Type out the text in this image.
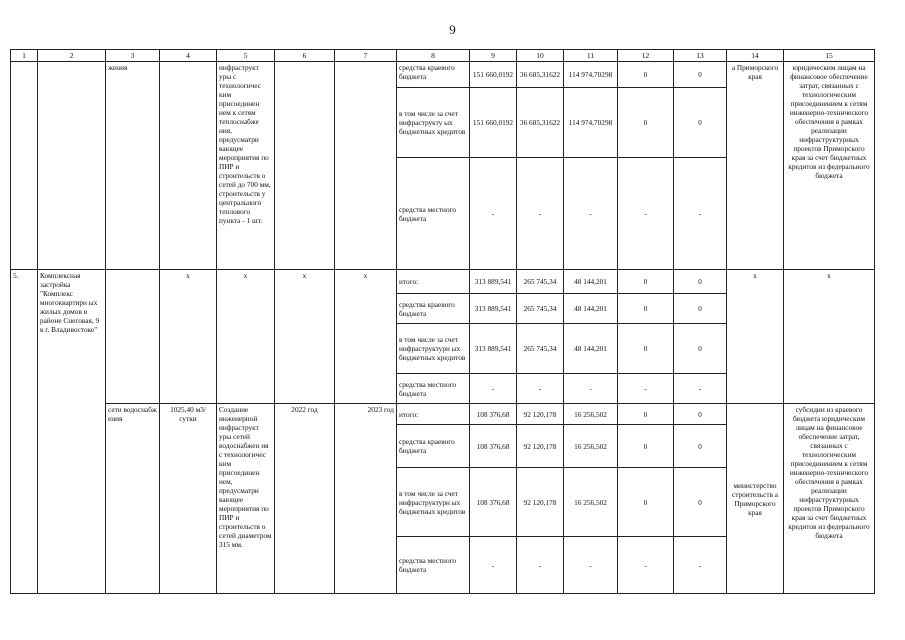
9
1	2	3	4	5	6	7	8	9	10	11	12	13	14	15
		жения		инфраструкт уры с технологичес ким присоединен ием к сетям теплоснабже ния, предусматри вающее мероприятия по ПИР и строительств о сетей до 700 мм, строительств у центрального теплового пункта - 1 шт.			средства краевого бюджета	151 660,0192	36 685,31622	114 974,70298	0	0	а Приморского края	юридическим лицам на финансовое обеспечение затрат, связанных с технологическим присоединением к сетям инженерно-технического обеспечения в рамках реализации инфраструктурных проектов Приморского края за счет бюджетных кредитов из федерального бюджета
							в том числе за счет инфраструкту ых бюджетных кредитов	151 660,0192	36 685,31622	114 974,70298	0	0		
							средства местного бюджета	-	-	-	-	-		
5.	Комплексная застройка "Комплекс многоквартирн ых жилых домов в районе Снеговая, 9 в г. Владивостоке"		х	х	х	х	итого:	313 889,541	265 745,34	48 144,201	0	0	х	х
							средства краевого бюджета	313 889,541	265 745,34	48 144,201	0	0		
							в том числе за счет инфраструктурн ых бюджетных кредитов	313 889,541	265 745,34	48 144,201	0	0		
							средства местного бюджета	-	-	-	-	-		
		сети водоснабж ения	1025,40 м3/сутки	Создание инженерной инфраструкт уры сетей водоснабжен ия с технологичес ким присоединен ием, предусматри вающее мероприятия по ПИР и строительств о сетей диаметром 315 мм.	2022 год	2023 год	итого:	108 376,68	92 120,178	16 256,502	0	0	министерство строительств а Приморского края	субсидии из краевого бюджета юридическим лицам на финансовое обеспечение затрат, связанных с технологическим присоединением к сетям инженерно-технического обеспечения в рамках реализации инфраструктурных проектов Приморского края за счет бюджетных кредитов из федерального бюджета
							средства краевого бюджета	108 376,68	92 120,178	16 256,502	0	0		
							в том числе за счет инфраструктурн ых бюджетных кредитов	108 376,68	92 120,178	16 256,502	0	0		
							средства местного бюджета	-	-	-	-	-		
